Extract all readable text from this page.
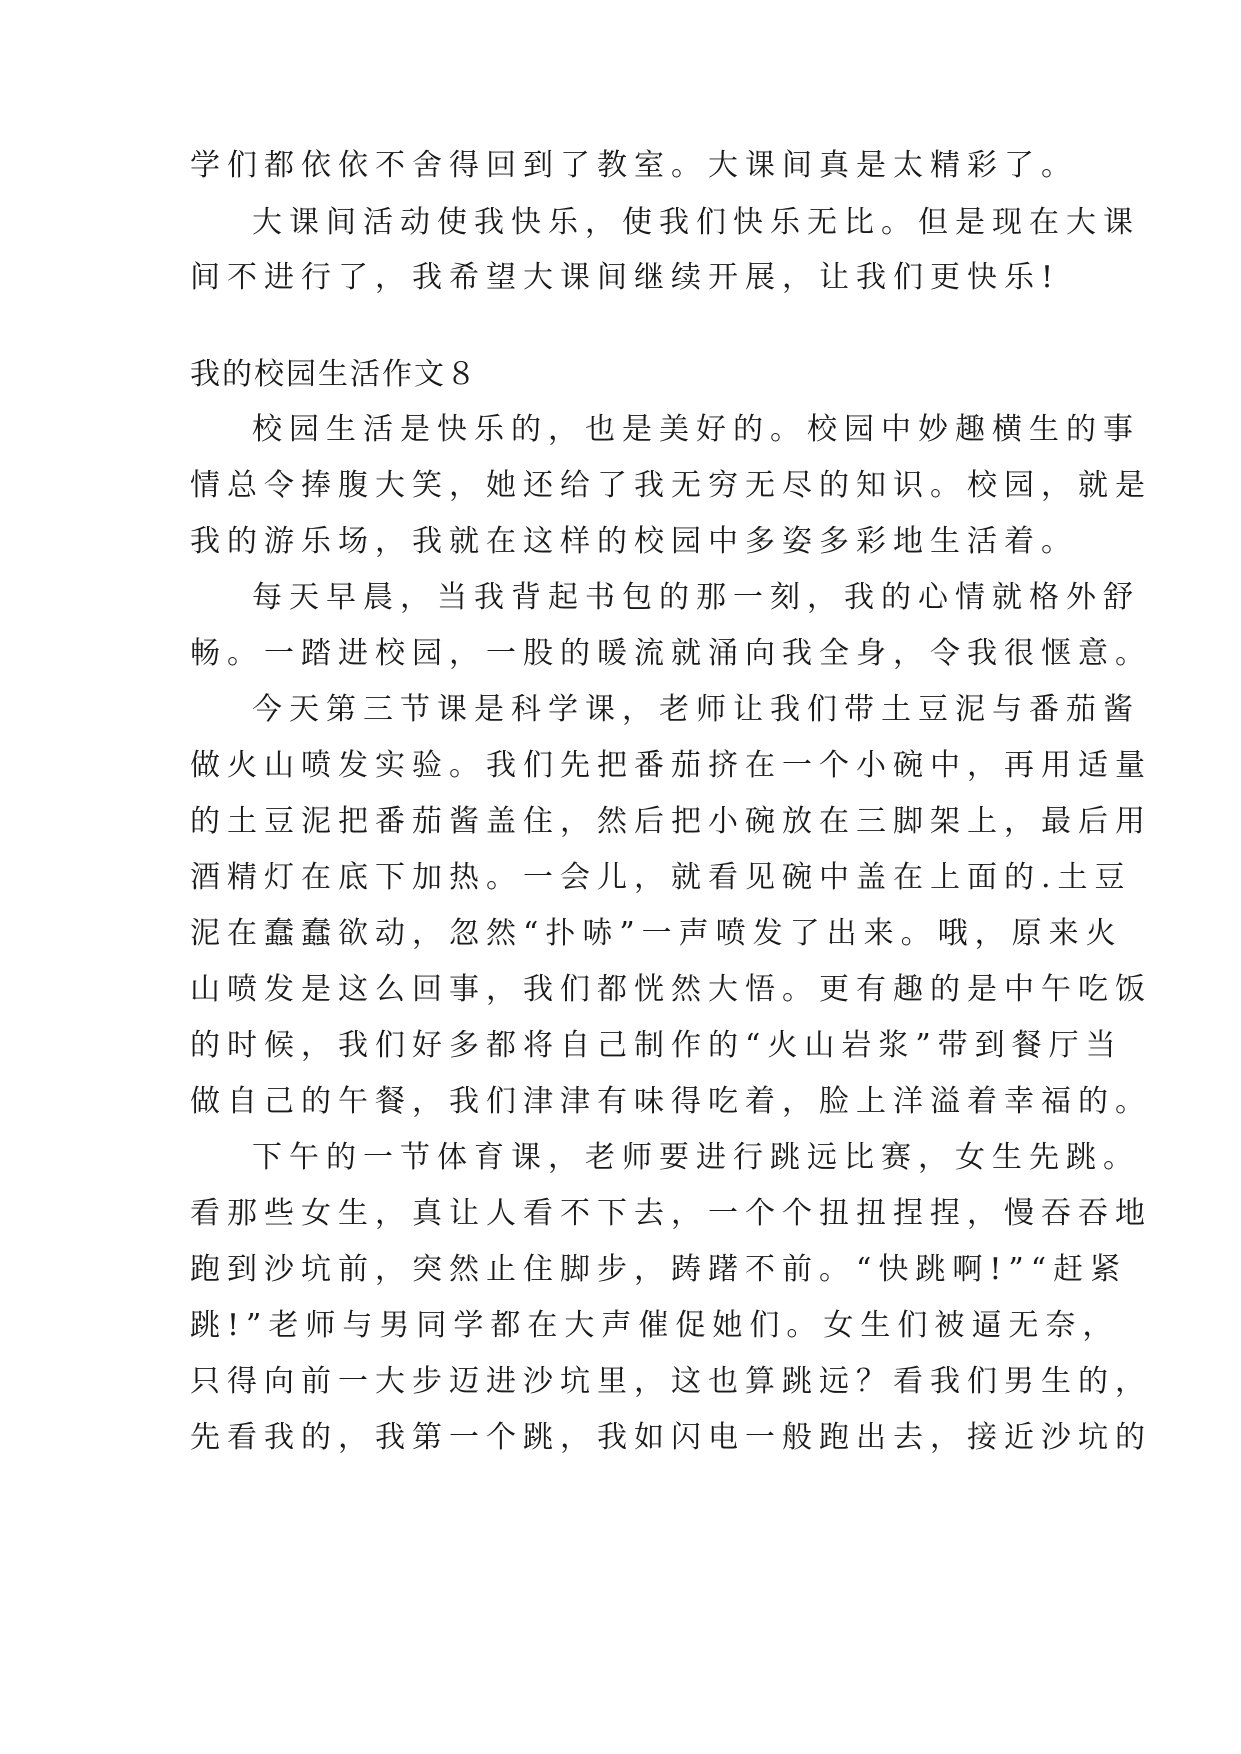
学们都依依不舍得回到了教室。大课间真是太精彩了。

大课间活动使我快乐，使我们快乐无比。但是现在大课

间不进行了，我希望大课间继续开展，让我们更快乐!

我的校园生活作文８

校园生活是快乐的，也是美好的。校园中妙趣横生的事

情总令捧腹大笑，她还给了我无穷无尽的知识。校园，就是

我的游乐场，我就在这样的校园中多姿多彩地生活着。

每天早晨，当我背起书包的那一刻，我的心情就格外舒

畅。一踏进校园，一股的暖流就涌向我全身，令我很惬意。

今天第三节课是科学课，老师让我们带土豆泥与番茄酱

做火山喷发实验。我们先把番茄挤在一个小碗中，再用适量

的土豆泥把番茄酱盖住，然后把小碗放在三脚架上，最后用

酒精灯在底下加热。一会儿，就看见碗中盖在上面的.土豆

泥在蠢蠢欲动，忽然“扑哧”一声喷发了出来。哦，原来火

山喷发是这么回事，我们都恍然大悟。更有趣的是中午吃饭

的时候，我们好多都将自己制作的“火山岩浆”带到餐厅当

做自己的午餐，我们津津有味得吃着，脸上洋溢着幸福的。

下午的一节体育课，老师要进行跳远比赛，女生先跳。

看那些女生，真让人看不下去，一个个扭扭捏捏，慢吞吞地

跑到沙坑前，突然止住脚步，踌躇不前。“快跳啊!”“赶紧

跳!”老师与男同学都在大声催促她们。女生们被逼无奈，

只得向前一大步迈进沙坑里，这也算跳远？看我们男生的，

先看我的，我第一个跳，我如闪电一般跑出去，接近沙坑的
